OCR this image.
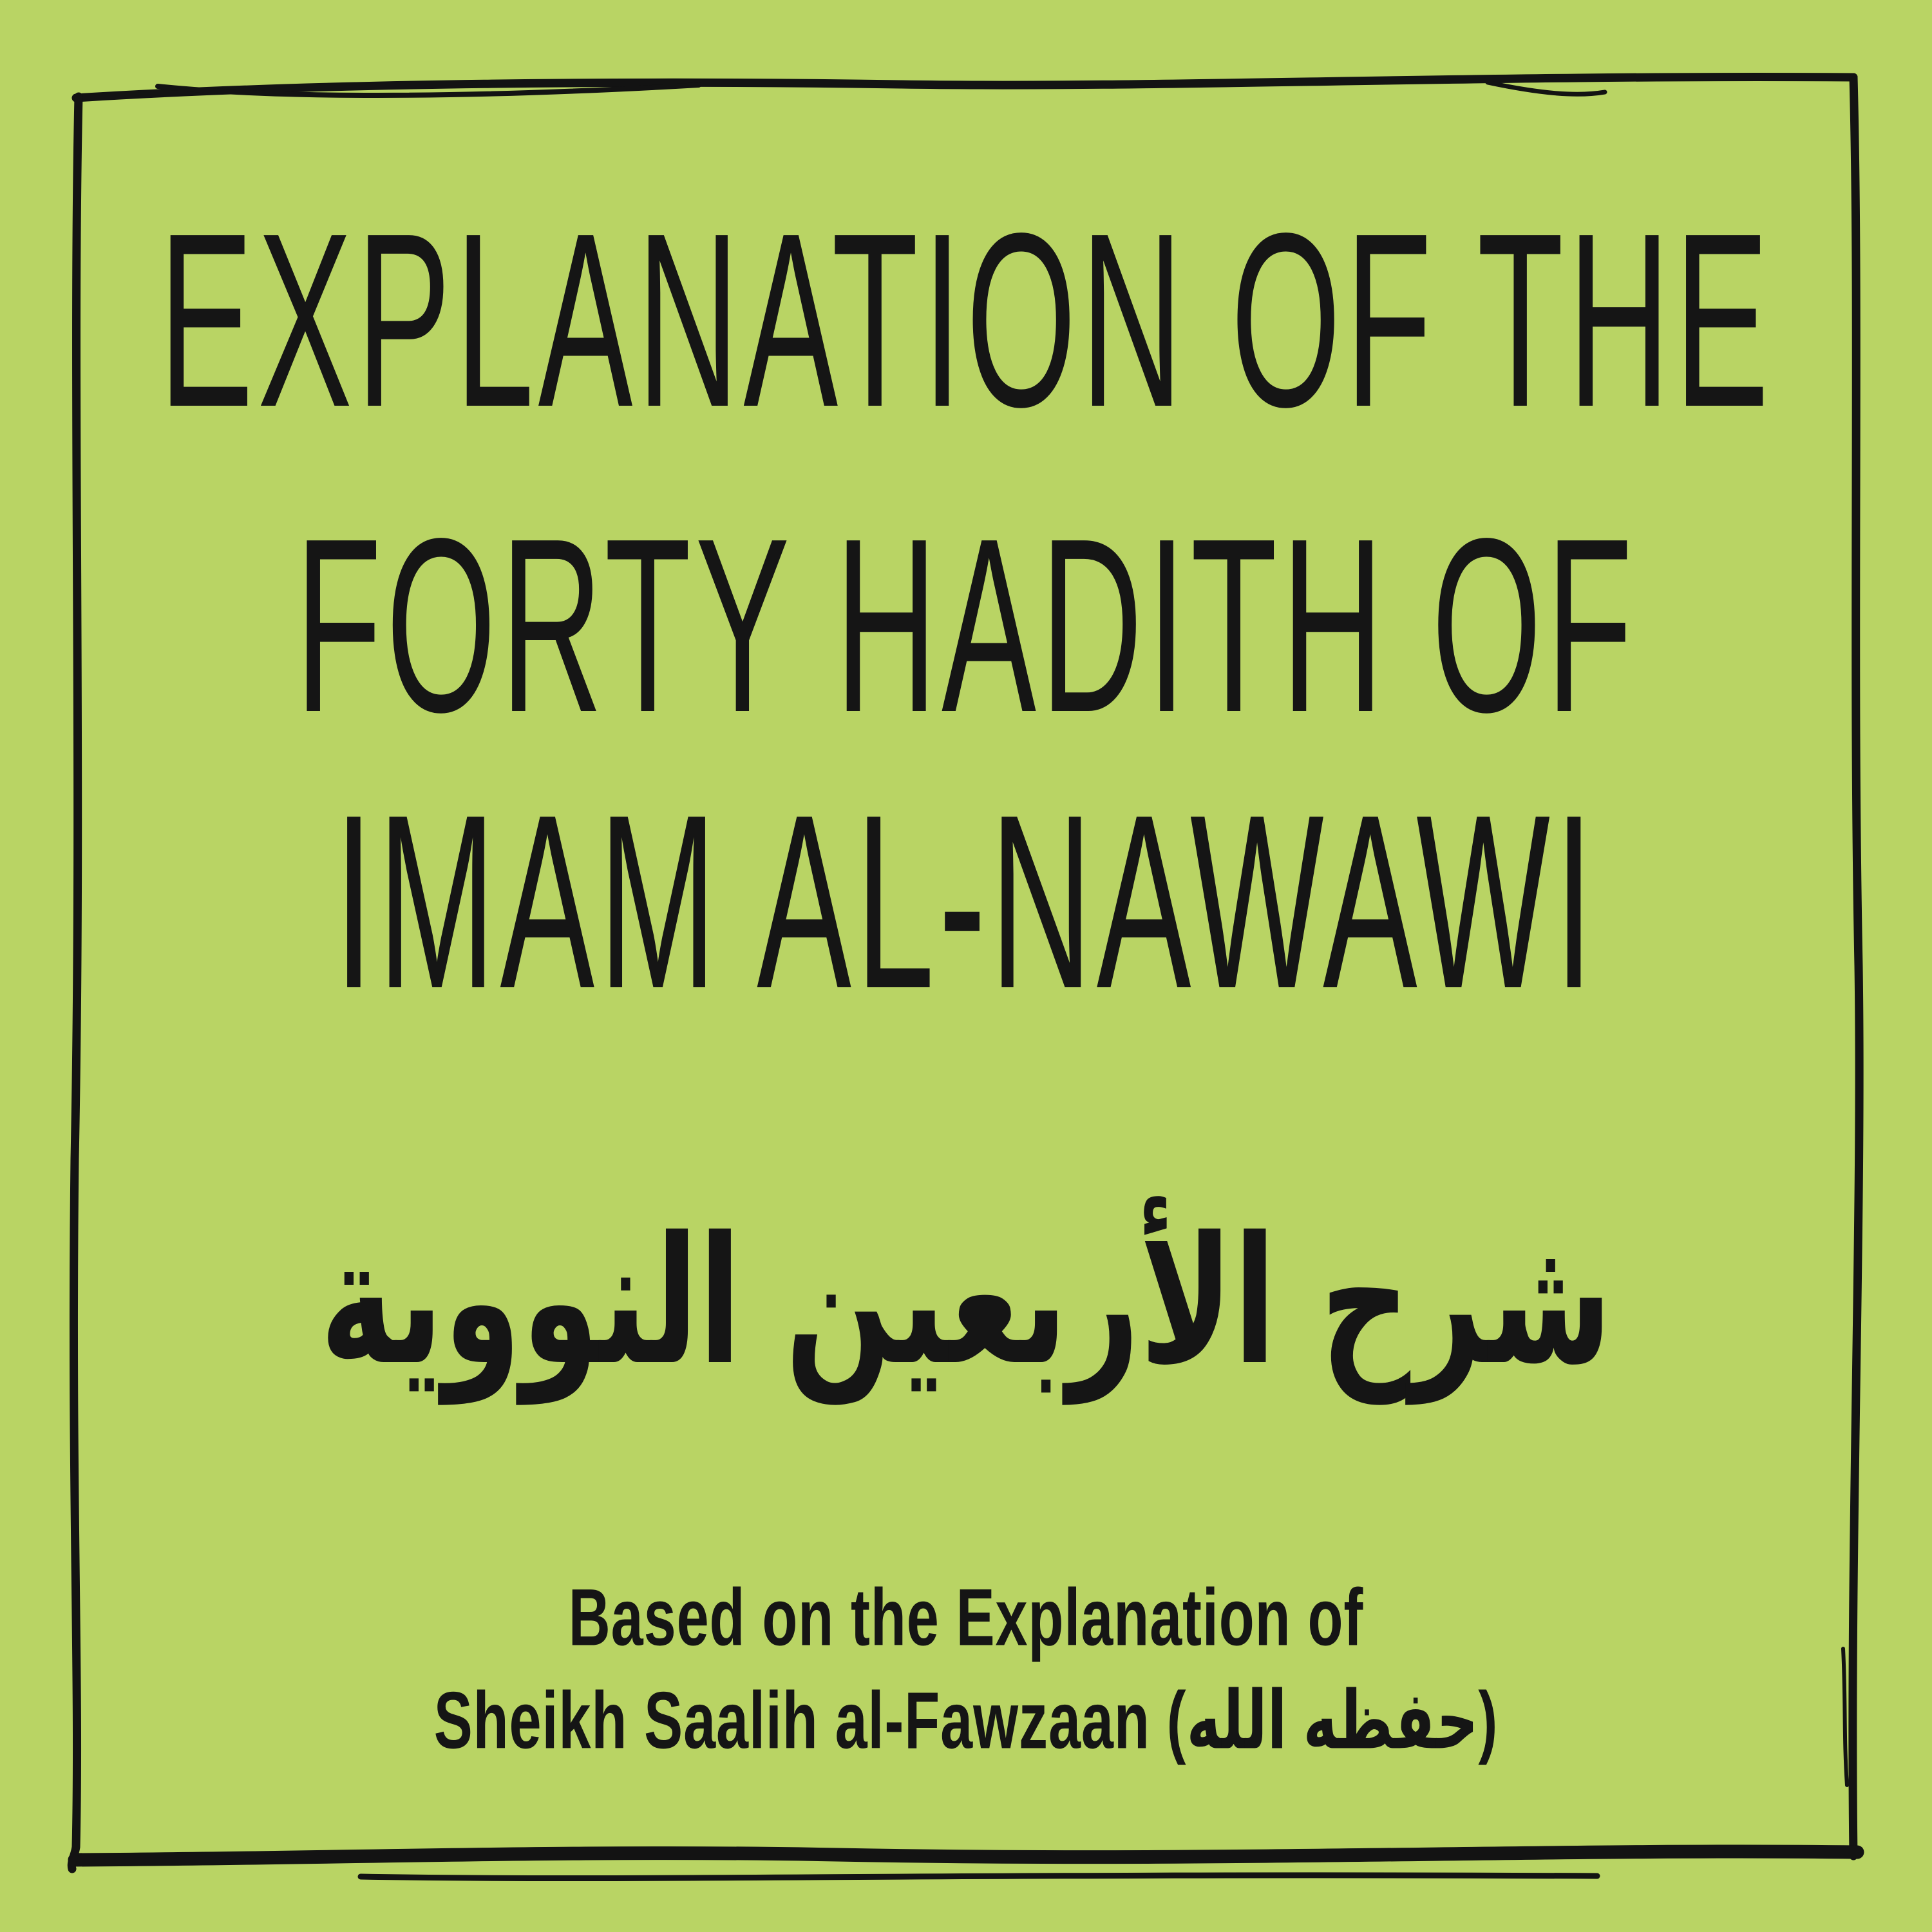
EXPLANATION OF THE
FORTY HADITH OF
IMAM AL-NAWAWI
شرح الأربعين النووية
Based on the Explanation of
Sheikh Saalih al-Fawzaan (حفظه الله)
